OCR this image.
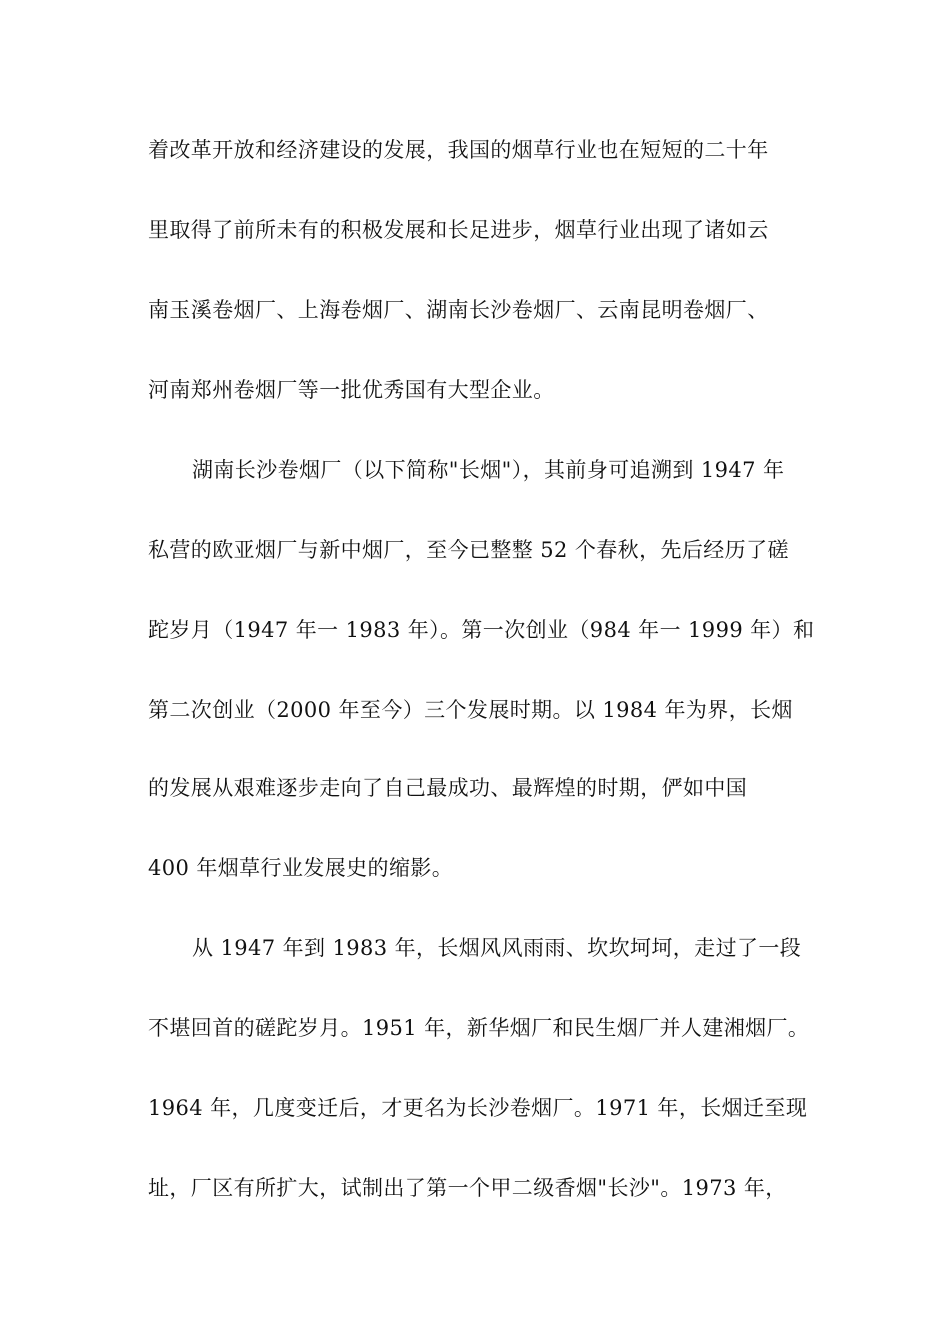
着改革开放和经济建设的发展，我国的烟草行业也在短短的二十年
里取得了前所未有的积极发展和长足进步，烟草行业出现了诸如云
南玉溪卷烟厂、上海卷烟厂、湖南长沙卷烟厂、云南昆明卷烟厂、
河南郑州卷烟厂等一批优秀国有大型企业。
湖南长沙卷烟厂（以下简称"长烟"），其前身可追溯到 1947 年
私营的欧亚烟厂与新中烟厂，至今已整整 52 个春秋，先后经历了磋
跎岁月（1947 年一 1983 年）。第一次创业（984 年一 1999 年）和
第二次创业（2000 年至今）三个发展时期。以 1984 年为界，长烟
的发展从艰难逐步走向了自己最成功、最辉煌的时期，俨如中国
400 年烟草行业发展史的缩影。
从 1947 年到 1983 年，长烟风风雨雨、坎坎坷坷，走过了一段
不堪回首的磋跎岁月。1951 年，新华烟厂和民生烟厂并人建湘烟厂。
1964 年，几度变迁后，才更名为长沙卷烟厂。1971 年，长烟迁至现
址，厂区有所扩大，试制出了第一个甲二级香烟"长沙"。1973 年，
